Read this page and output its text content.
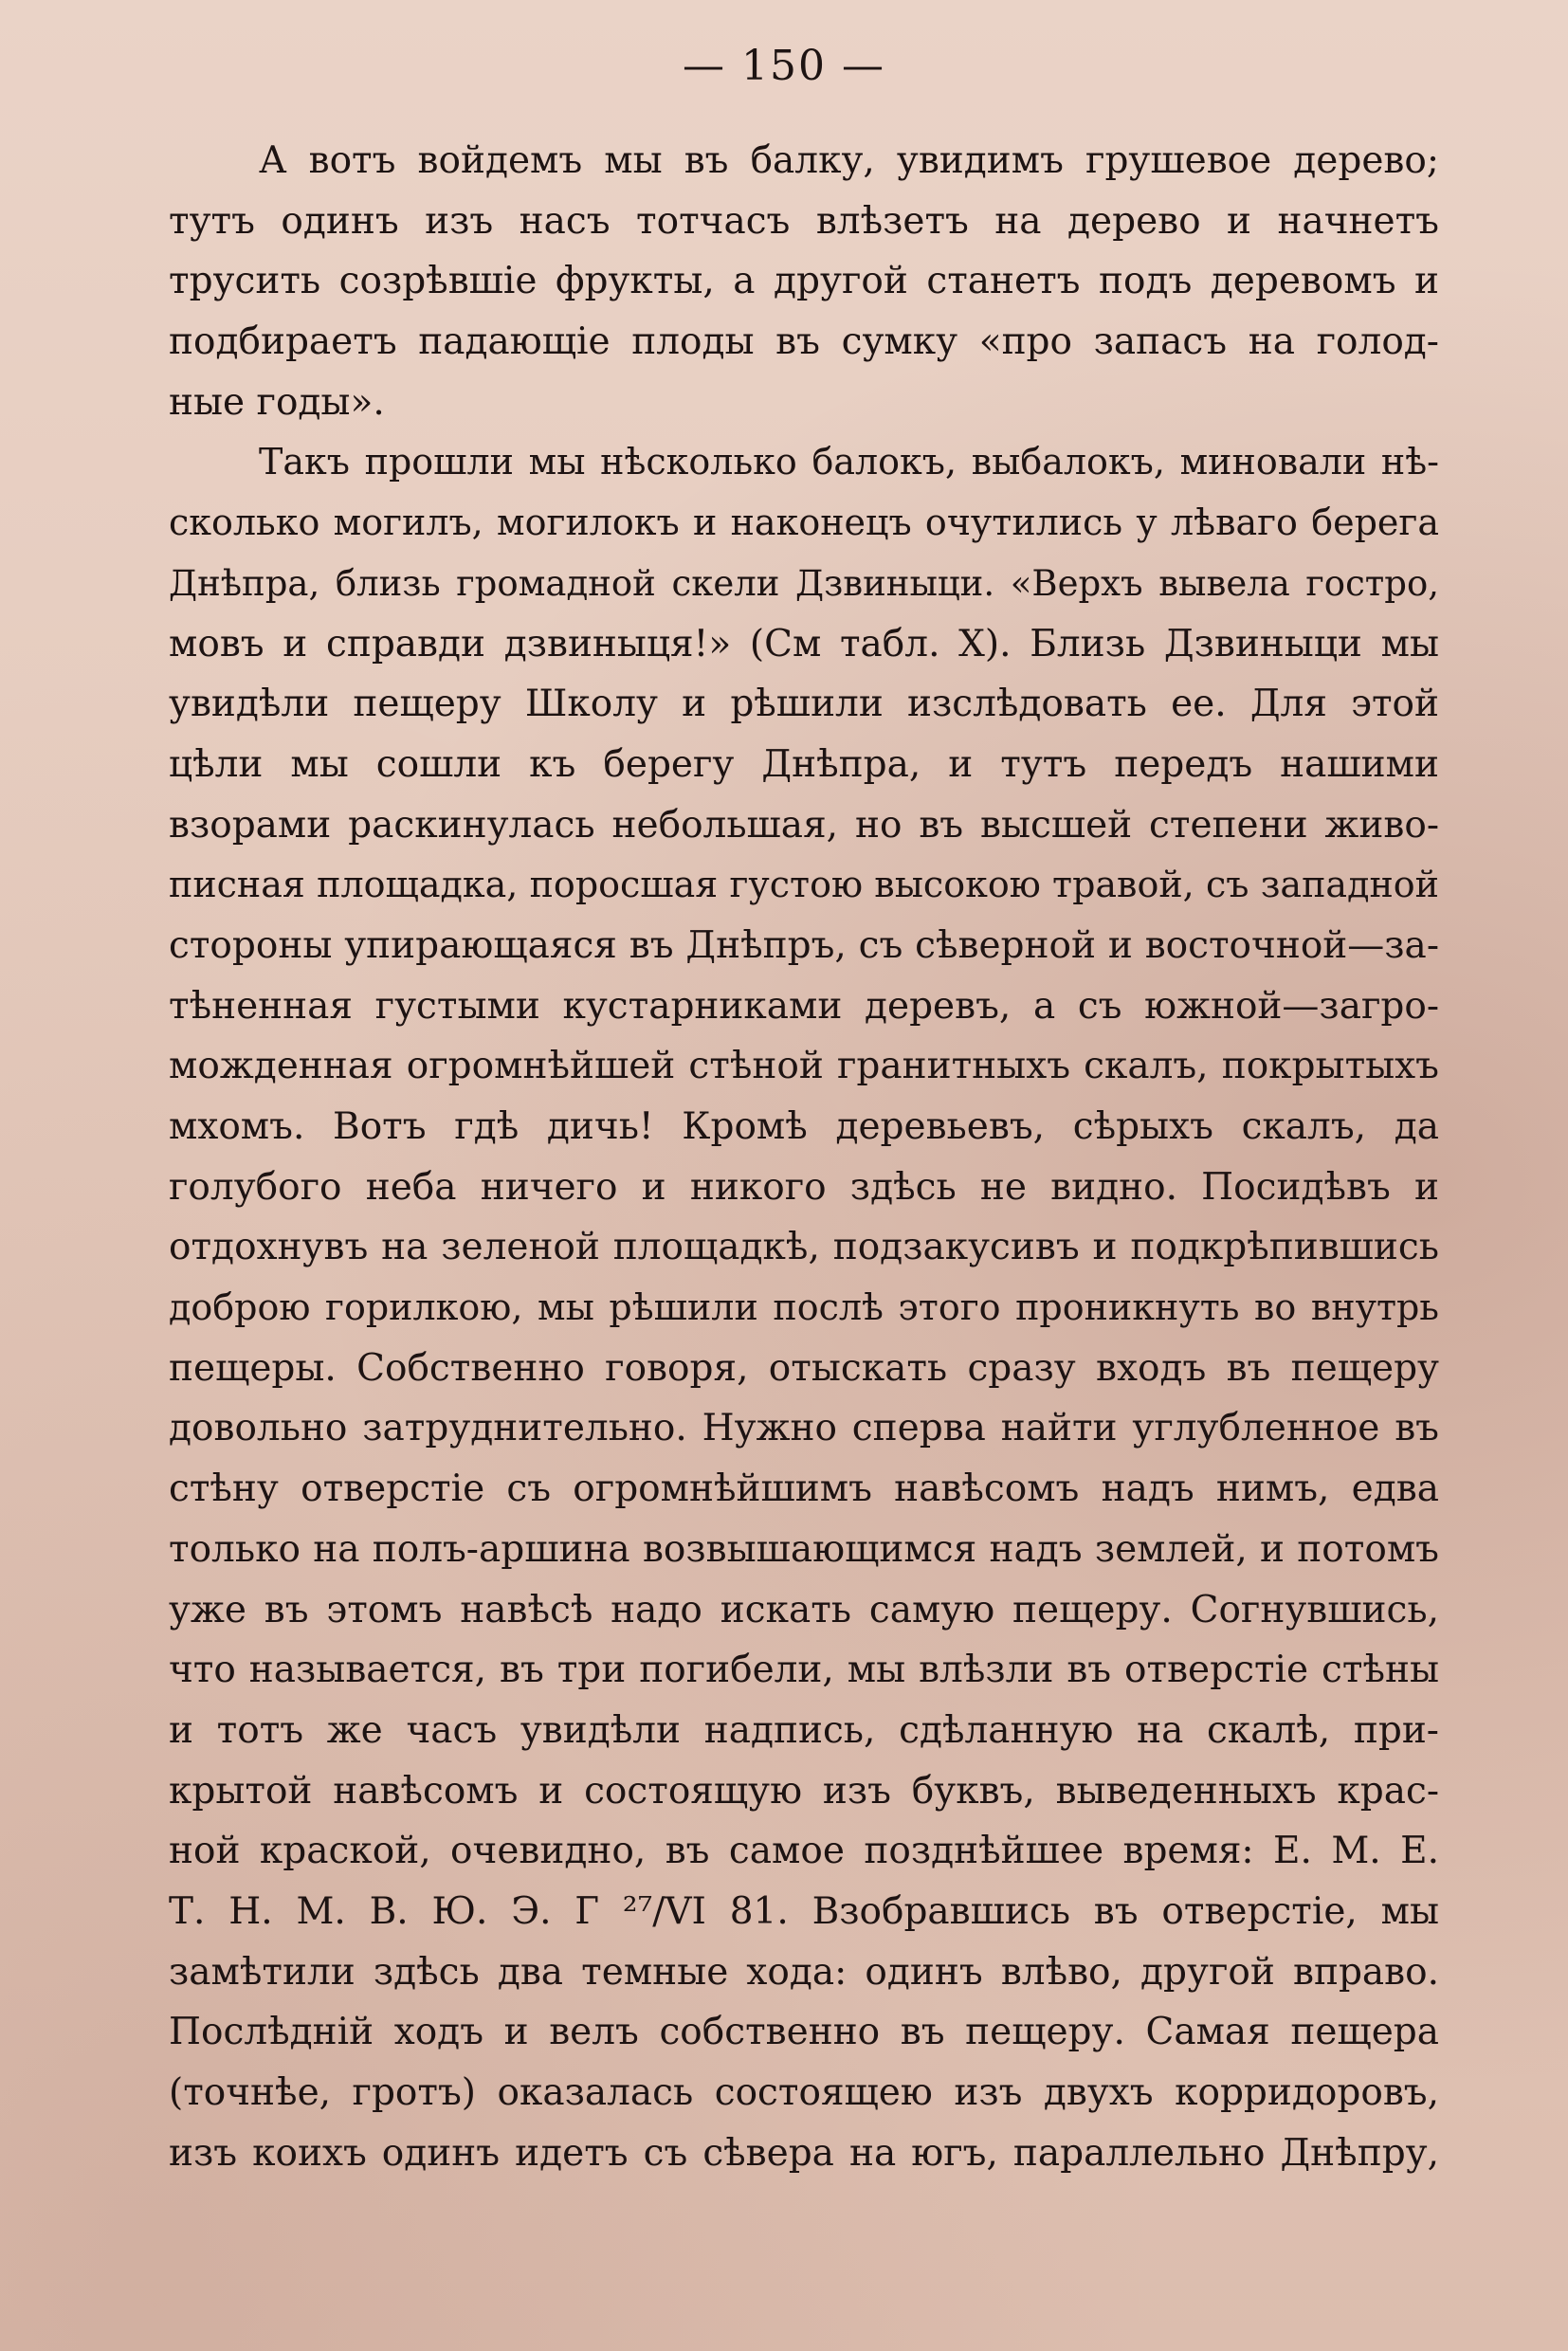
— 150 —
А вотъ войдемъ мы въ балку, увидимъ грушевое дерево;
тутъ одинъ изъ насъ тотчасъ влѣзетъ на дерево и начнетъ
трусить созрѣвшiе фрукты, а другой станетъ подъ деревомъ и
подбираетъ падающiе плоды въ сумку «про запасъ на голод-
ные годы».
Такъ прошли мы нѣсколько балокъ, выбалокъ, миновали нѣ-
сколько могилъ, могилокъ и наконецъ очутились у лѣваго берега
Днѣпра, близь громадной скели Дзвиныци. «Верхъ вывела гостро,
мовъ и справди дзвиныця!» (См табл. X). Близь Дзвиныци мы
увидѣли пещеру Школу и рѣшили изслѣдовать ее. Для этой
цѣли мы сошли къ берегу Днѣпра, и тутъ передъ нашими
взорами раскинулась небольшая, но въ высшей степени живо-
писная площадка, поросшая густою высокою травой, съ западной
стороны упирающаяся въ Днѣпръ, съ сѣверной и восточной—за-
тѣненная густыми кустарниками деревъ, а съ южной—загро-
можденная огромнѣйшей стѣной гранитныхъ скалъ, покрытыхъ
мхомъ. Вотъ гдѣ дичь! Кромѣ деревьевъ, сѣрыхъ скалъ, да
голубого неба ничего и никого здѣсь не видно. Посидѣвъ и
отдохнувъ на зеленой площадкѣ, подзакусивъ и подкрѣпившись
доброю горилкою, мы рѣшили послѣ этого проникнуть во внутрь
пещеры. Собственно говоря, отыскать сразу входъ въ пещеру
довольно затруднительно. Нужно сперва найти углубленное въ
стѣну отверстiе съ огромнѣйшимъ навѣсомъ надъ нимъ, едва
только на полъ-аршина возвышающимся надъ землей, и потомъ
уже въ этомъ навѣсѣ надо искать самую пещеру. Согнувшись,
что называется, въ три погибели, мы влѣзли въ отверстiе стѣны
и тотъ же часъ увидѣли надпись, сдѣланную на скалѣ, при-
крытой навѣсомъ и состоящую изъ буквъ, выведенныхъ крас-
ной краской, очевидно, въ самое позднѣйшее время: Е. М. Е.
Т. Н. М. В. Ю. Э. Г ²⁷/VI 81. Взобравшись въ отверстiе, мы
замѣтили здѣсь два темные хода: одинъ влѣво, другой вправо.
Послѣднiй ходъ и велъ собственно въ пещеру. Самая пещера
(точнѣе, гротъ) оказалась состоящею изъ двухъ корридоровъ,
изъ коихъ одинъ идетъ съ сѣвера на югъ, параллельно Днѣпру,
